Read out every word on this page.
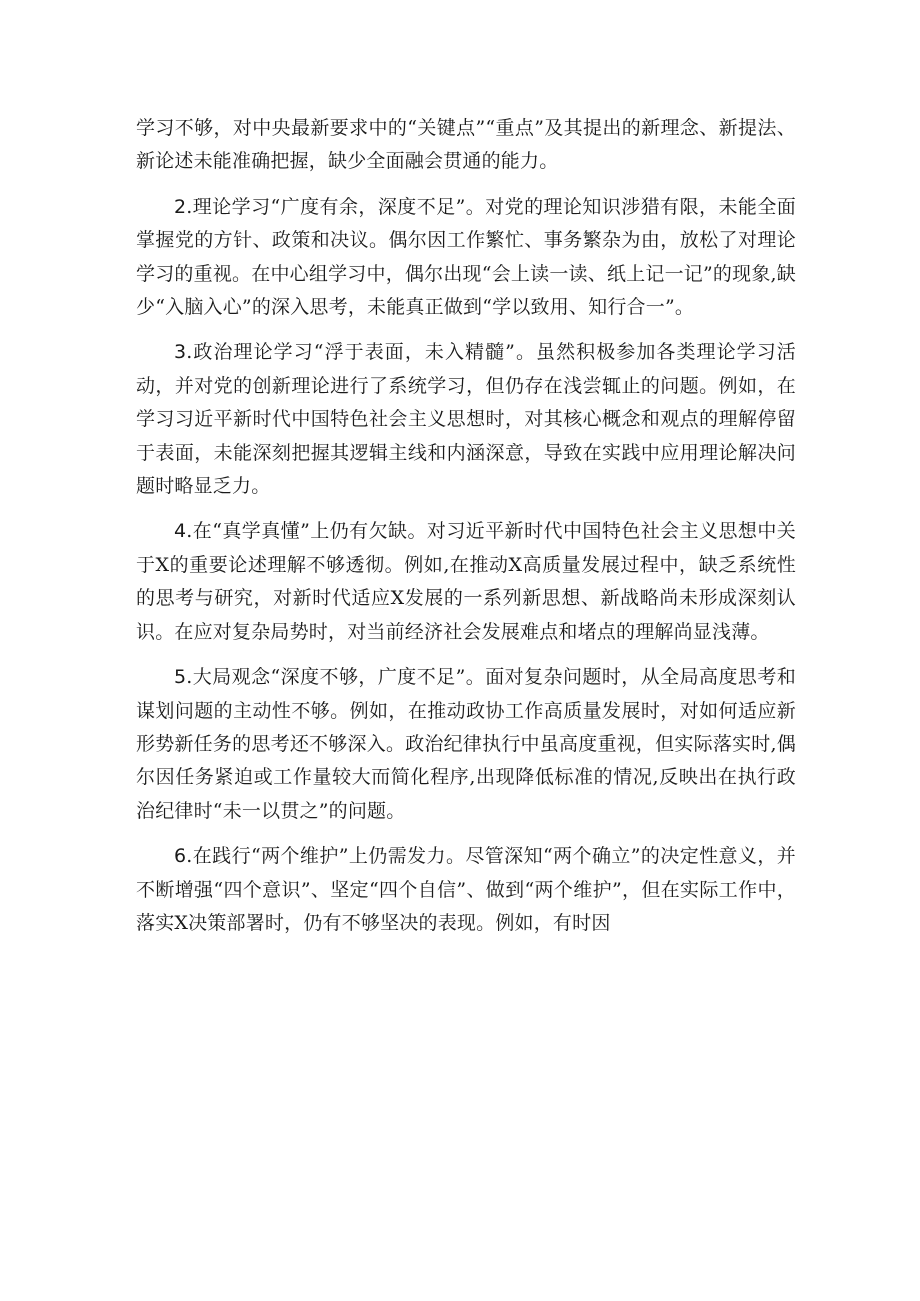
学习不够，对中央最新要求中的“关键点”“重点”及其提出的新理念、新提法、新论述未能准确把握，缺少全面融会贯通的能力。

2.理论学习“广度有余，深度不足”。对党的理论知识涉猎有限，未能全面掌握党的方针、政策和决议。偶尔因工作繁忙、事务繁杂为由，放松了对理论学习的重视。在中心组学习中，偶尔出现“会上读一读、纸上记一记”的现象,缺少“入脑入心”的深入思考，未能真正做到“学以致用、知行合一”。

3.政治理论学习“浮于表面，未入精髓”。虽然积极参加各类理论学习活动，并对党的创新理论进行了系统学习，但仍存在浅尝辄止的问题。例如，在学习习近平新时代中国特色社会主义思想时，对其核心概念和观点的理解停留于表面，未能深刻把握其逻辑主线和内涵深意，导致在实践中应用理论解决问题时略显乏力。

4.在“真学真懂”上仍有欠缺。对习近平新时代中国特色社会主义思想中关于X的重要论述理解不够透彻。例如,在推动X高质量发展过程中，缺乏系统性的思考与研究，对新时代适应X发展的一系列新思想、新战略尚未形成深刻认识。在应对复杂局势时，对当前经济社会发展难点和堵点的理解尚显浅薄。

5.大局观念“深度不够，广度不足”。面对复杂问题时，从全局高度思考和谋划问题的主动性不够。例如，在推动政协工作高质量发展时，对如何适应新形势新任务的思考还不够深入。政治纪律执行中虽高度重视，但实际落实时,偶尔因任务紧迫或工作量较大而简化程序,出现降低标准的情况,反映出在执行政治纪律时“未一以贯之”的问题。

6.在践行“两个维护”上仍需发力。尽管深知“两个确立”的决定性意义，并不断增强“四个意识”、坚定“四个自信”、做到“两个维护”，但在实际工作中，落实X决策部署时，仍有不够坚决的表现。例如，有时因
